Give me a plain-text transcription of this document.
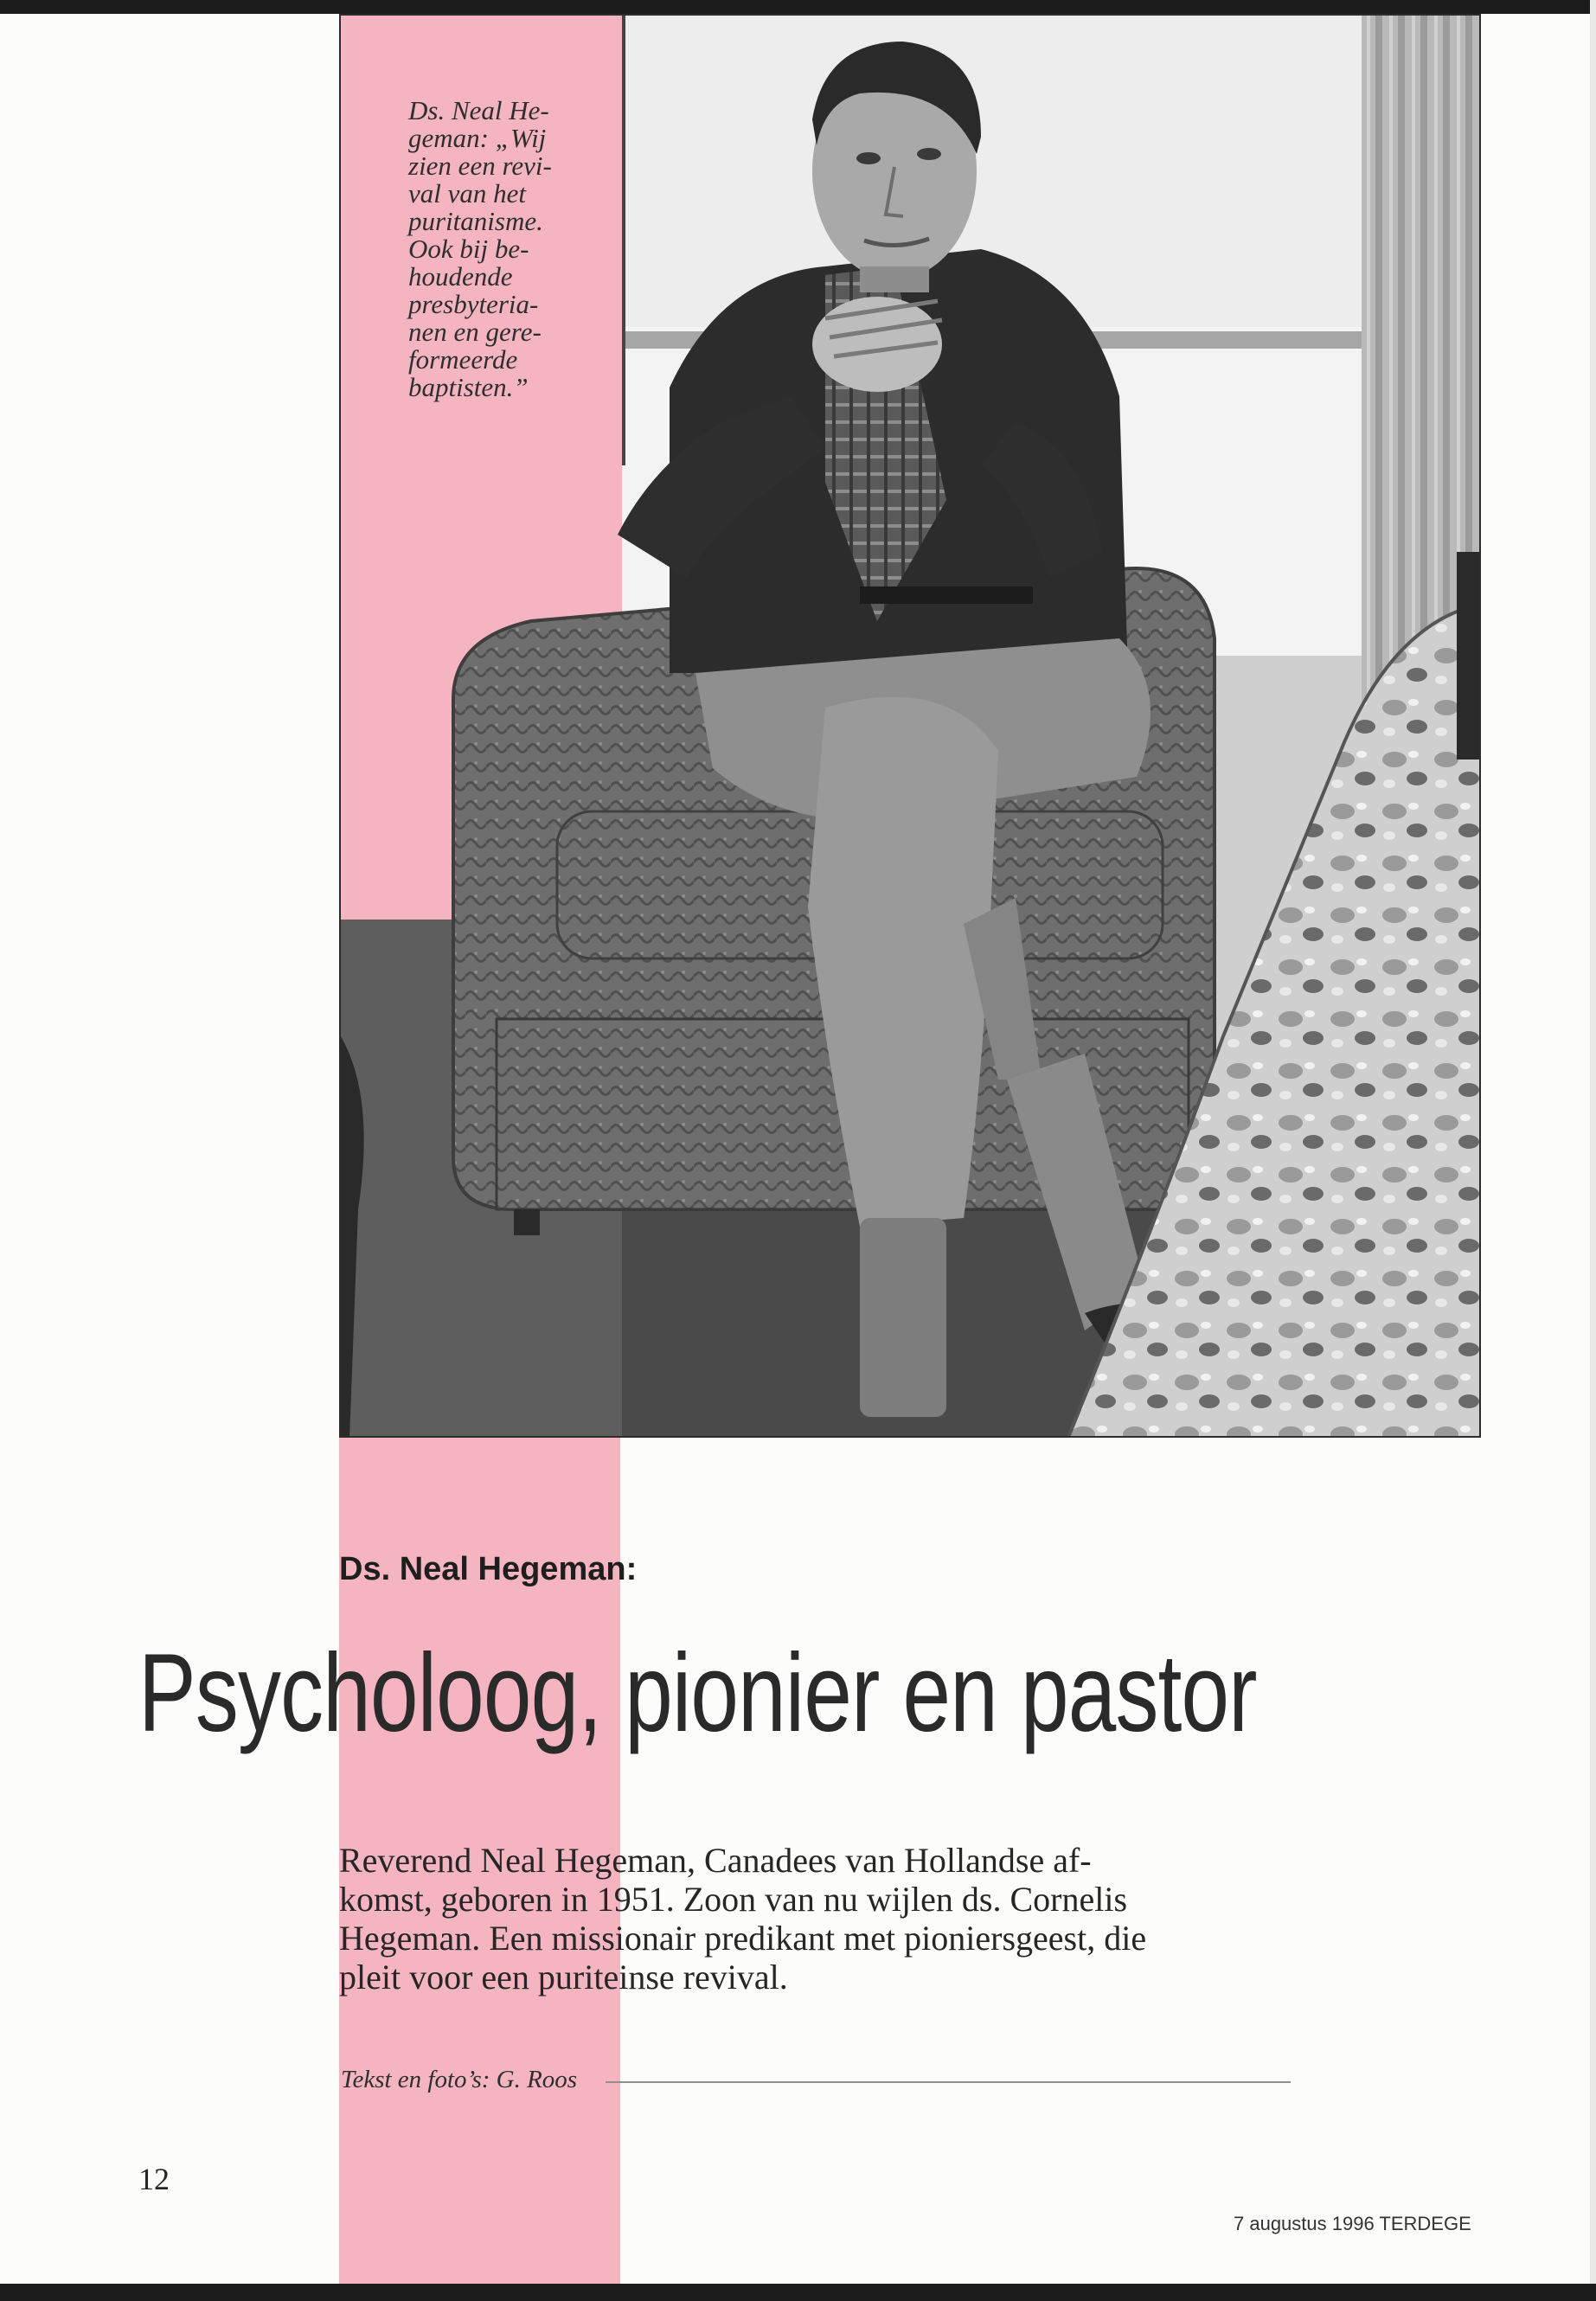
Ds. Neal He-
geman: „Wij
zien een revi-
val van het
puritanisme.
Ook bij be-
houdende
presbyteria-
nen en gere-
formeerde
baptisten.”
Ds. Neal Hegeman:
Psycholoog, pionier en pastor
Reverend Neal Hegeman, Canadees van Hollandse af-
komst, geboren in 1951. Zoon van nu wijlen ds. Cornelis
Hegeman. Een missionair predikant met pioniersgeest, die
pleit voor een puriteinse revival.
Tekst en foto’s: G. Roos
12
7 augustus 1996 TERDEGE
